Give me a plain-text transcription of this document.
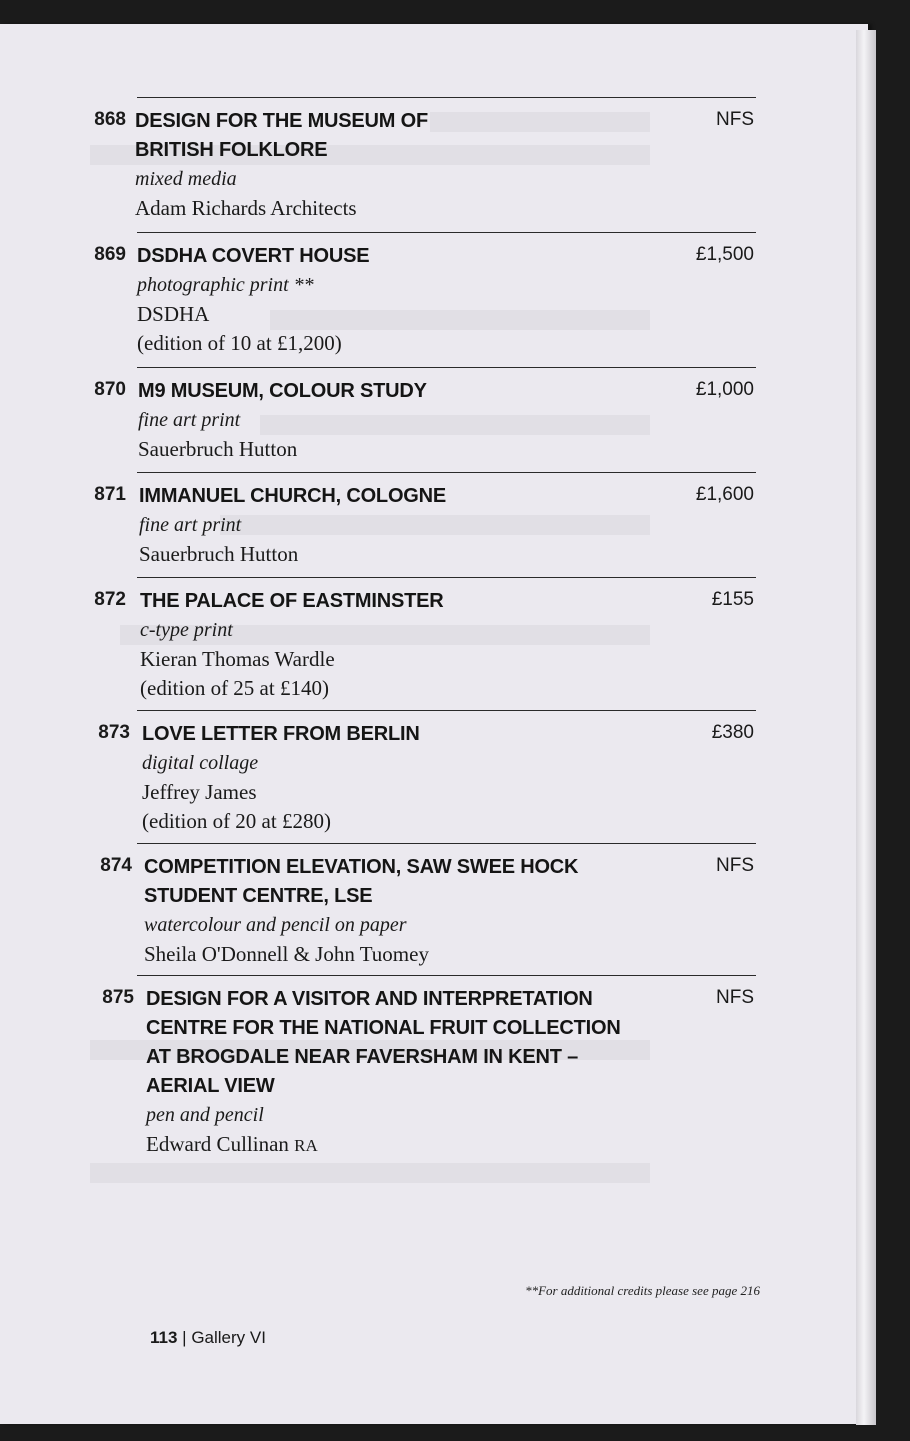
868 DESIGN FOR THE MUSEUM OF
BRITISH FOLKLORE
mixed media
Adam Richards Architects
NFS
869 DSDHA COVERT HOUSE
photographic print **
DSDHA
(edition of 10 at £1,200)
£1,500
870 M9 MUSEUM, COLOUR STUDY
fine art print
Sauerbruch Hutton
£1,000
871 IMMANUEL CHURCH, COLOGNE
fine art print
Sauerbruch Hutton
£1,600
872 THE PALACE OF EASTMINSTER
c-type print
Kieran Thomas Wardle
(edition of 25 at £140)
£155
873 LOVE LETTER FROM BERLIN
digital collage
Jeffrey James
(edition of 20 at £280)
£380
874 COMPETITION ELEVATION, SAW SWEE HOCK
STUDENT CENTRE, LSE
watercolour and pencil on paper
Sheila O'Donnell & John Tuomey
NFS
875 DESIGN FOR A VISITOR AND INTERPRETATION
CENTRE FOR THE NATIONAL FRUIT COLLECTION
AT BROGDALE NEAR FAVERSHAM IN KENT –
AERIAL VIEW
pen and pencil
Edward Cullinan RA
NFS
**For additional credits please see page 216
113 | Gallery VI
